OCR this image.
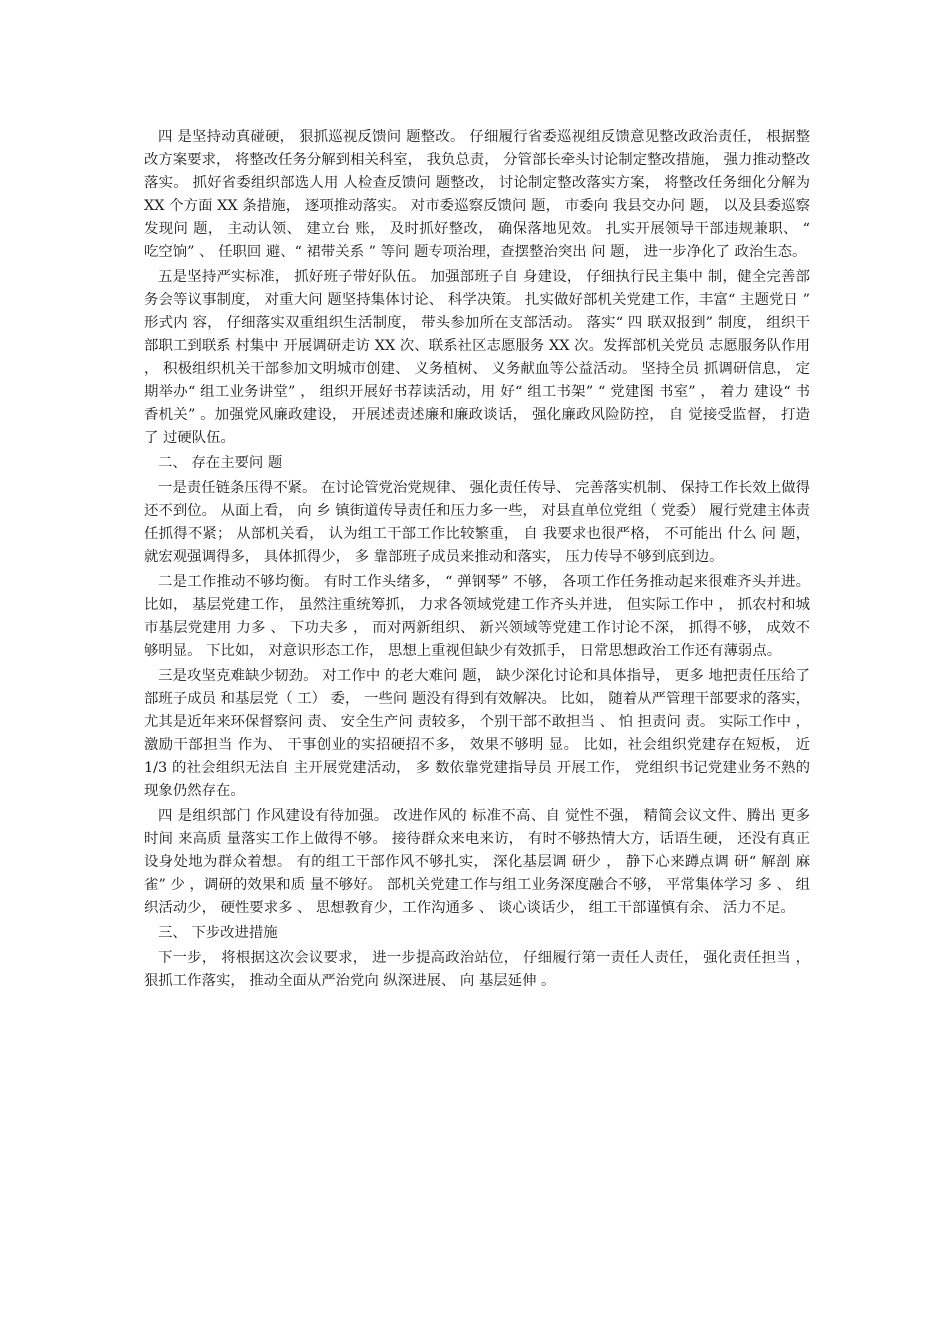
四 是坚持动真碰硬， 狠抓巡视反馈问 题整改。 仔细履行省委巡视组反馈意见整改政治责任， 根据整改方案要求， 将整改任务分解到相关科室， 我负总责， 分管部长牵头讨论制定整改措施， 强力推动整改落实。 抓好省委组织部选人用 人检查反馈问 题整改， 讨论制定整改落实方案， 将整改任务细化分解为 XX 个方面 XX 条措施， 逐项推动落实。 对市委巡察反馈问 题， 市委向 我县交办问 题， 以及县委巡察发现问 题， 主动认领、 建立台 账， 及时抓好整改， 确保落地见效。 扎实开展领导干部违规兼职、 “ 吃空饷” 、 任职回 避、“ 裙带关系 ” 等问 题专项治理，查摆整治突出 问 题， 进一步净化了 政治生态。

五是坚持严实标准， 抓好班子带好队伍。 加强部班子自 身建设， 仔细执行民主集中 制，健全完善部务会等议事制度， 对重大问 题坚持集体讨论、 科学决策。 扎实做好部机关党建工作，丰富“ 主题党日 ” 形式内 容， 仔细落实双重组织生活制度， 带头参加所在支部活动。 落实“ 四 联双报到” 制度， 组织干部职工到联系 村集中 开展调研走访 XX 次、联系社区志愿服务 XX 次。发挥部机关党员 志愿服务队作用 ， 积极组织机关干部参加文明城市创建、 义务植树、 义务献血等公益活动。 坚持全员 抓调研信息， 定期举办“ 组工业务讲堂” ， 组织开展好书荐读活动，用 好“ 组工书架” “ 党建图 书室” ， 着力 建设“ 书香机关” 。加强党风廉政建设， 开展述责述廉和廉政谈话， 强化廉政风险防控， 自 觉接受监督， 打造了 过硬队伍。

二、 存在主要问 题

一是责任链条压得不紧。 在讨论管党治党规律、 强化责任传导、 完善落实机制、 保持工作长效上做得还不到位。 从面上看， 向 乡 镇街道传导责任和压力多一些， 对县直单位党组（ 党委） 履行党建主体责任抓得不紧； 从部机关看， 认为组工干部工作比较繁重， 自 我要求也很严格， 不可能出 什么 问 题， 就宏观强调得多， 具体抓得少， 多 靠部班子成员来推动和落实， 压力传导不够到底到边。

二是工作推动不够均衡。 有时工作头绪多， “ 弹钢琴” 不够， 各项工作任务推动起来很难齐头并进。 比如， 基层党建工作， 虽然注重统筹抓， 力求各领域党建工作齐头并进， 但实际工作中 ， 抓农村和城市基层党建用 力多 、 下功夫多 ， 而对两新组织、 新兴领域等党建工作讨论不深， 抓得不够， 成效不够明显。 下比如， 对意识形态工作， 思想上重视但缺少有效抓手， 日常思想政治工作还有薄弱点。

三是攻坚克难缺少韧劲。 对工作中 的老大难问 题， 缺少深化讨论和具体指导， 更多 地把责任压给了 部班子成员 和基层党（ 工） 委， 一些问 题没有得到有效解决。 比如， 随着从严管理干部要求的落实， 尤其是近年来环保督察问 责、 安全生产问 责较多， 个别干部不敢担当 、 怕 担责问 责。 实际工作中 ， 激励干部担当 作为、 干事创业的实招硬招不多， 效果不够明 显。 比如，社会组织党建存在短板， 近 1/3 的社会组织无法自 主开展党建活动， 多 数依靠党建指导员 开展工作， 党组织书记党建业务不熟的现象仍然存在。

四 是组织部门 作风建设有待加强。 改进作风的 标准不高、自 觉性不强， 精简会议文件、腾出 更多 时间 来高质 量落实工作上做得不够。 接待群众来电来访， 有时不够热情大方，话语生硬， 还没有真正设身处地为群众着想。 有的组工干部作风不够扎实， 深化基层调 研少 ， 静下心来蹲点调 研“ 解剖 麻雀” 少 ，调研的效果和质 量不够好。 部机关党建工作与组工业务深度融合不够， 平常集体学习 多 、 组织活动少， 硬性要求多 、 思想教育少，工作沟通多 、 谈心谈话少， 组工干部谨慎有余、 活力不足。

三、 下步改进措施

下一步， 将根据这次会议要求， 进一步提高政治站位， 仔细履行第一责任人责任， 强化责任担当 ， 狠抓工作落实， 推动全面从严治党向 纵深进展、 向 基层延伸 。
